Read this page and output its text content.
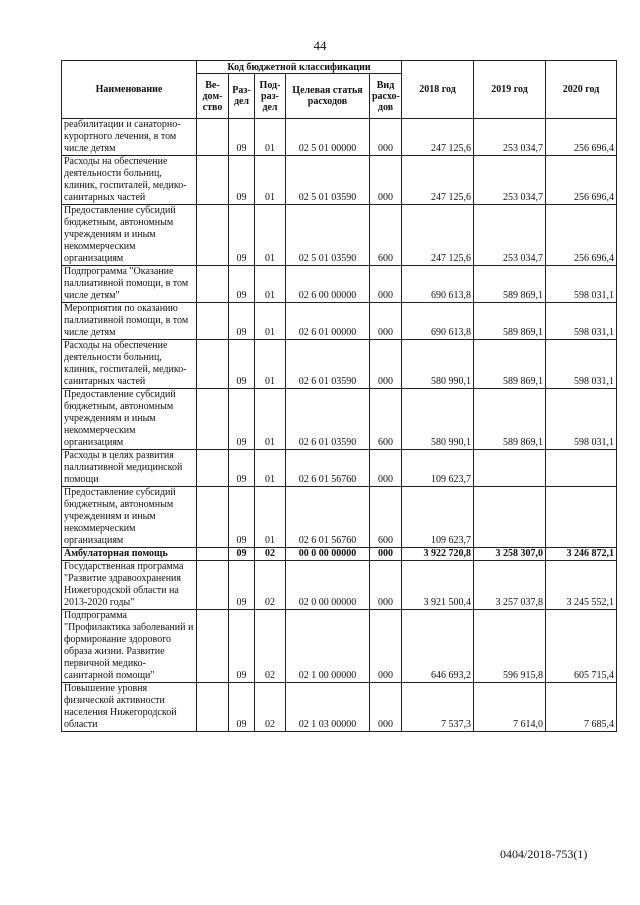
44
Наименование	Код бюджетной классификации					2018 год	2019 год	2020 год
	Ве-дом-ство	Раз-дел	Под-раз-дел	Целевая статья расходов	Вид расхо-дов			
реабилитации и санаторно-курортного лечения, в том числе детям		09	01	02 5 01 00000	000	247 125,6	253 034,7	256 696,4
Расходы на обеспечение деятельности больниц, клиник, госпиталей, медико-санитарных частей		09	01	02 5 01 03590	000	247 125,6	253 034,7	256 696,4
Предоставление субсидий бюджетным, автономным учреждениям и иным некоммерческим организациям		09	01	02 5 01 03590	600	247 125,6	253 034,7	256 696,4
Подпрограмма "Оказание паллиативной помощи, в том числе детям"		09	01	02 6 00 00000	000	690 613,8	589 869,1	598 031,1
Мероприятия по оказанию паллиативной помощи, в том числе детям		09	01	02 6 01 00000	000	690 613,8	589 869,1	598 031,1
Расходы на обеспечение деятельности больниц, клиник, госпиталей, медико-санитарных частей		09	01	02 6 01 03590	000	580 990,1	589 869,1	598 031,1
Предоставление субсидий бюджетным, автономным учреждениям и иным некоммерческим организациям		09	01	02 6 01 03590	600	580 990,1	589 869,1	598 031,1
Расходы в целях развития паллиативной медицинской помощи		09	01	02 6 01 56760	000	109 623,7		
Предоставление субсидий бюджетным, автономным учреждениям и иным некоммерческим организациям		09	01	02 6 01 56760	600	109 623,7		
Амбулаторная помощь		09	02	00 0 00 00000	000	3 922 720,8	3 258 307,0	3 246 872,1
Государственная программа "Развитие здравоохранения Нижегородской области на 2013-2020 годы"		09	02	02 0 00 00000	000	3 921 500,4	3 257 037,8	3 245 552,1
Подпрограмма "Профилактика заболеваний и формирование здорового образа жизни. Развитие первичной медико-санитарной помощи"		09	02	02 1 00 00000	000	646 693,2	596 915,8	605 715,4
Повышение уровня физической активности населения Нижегородской области		09	02	02 1 03 00000	000	7 537,3	7 614,0	7 685,4
0404/2018-753(1)
